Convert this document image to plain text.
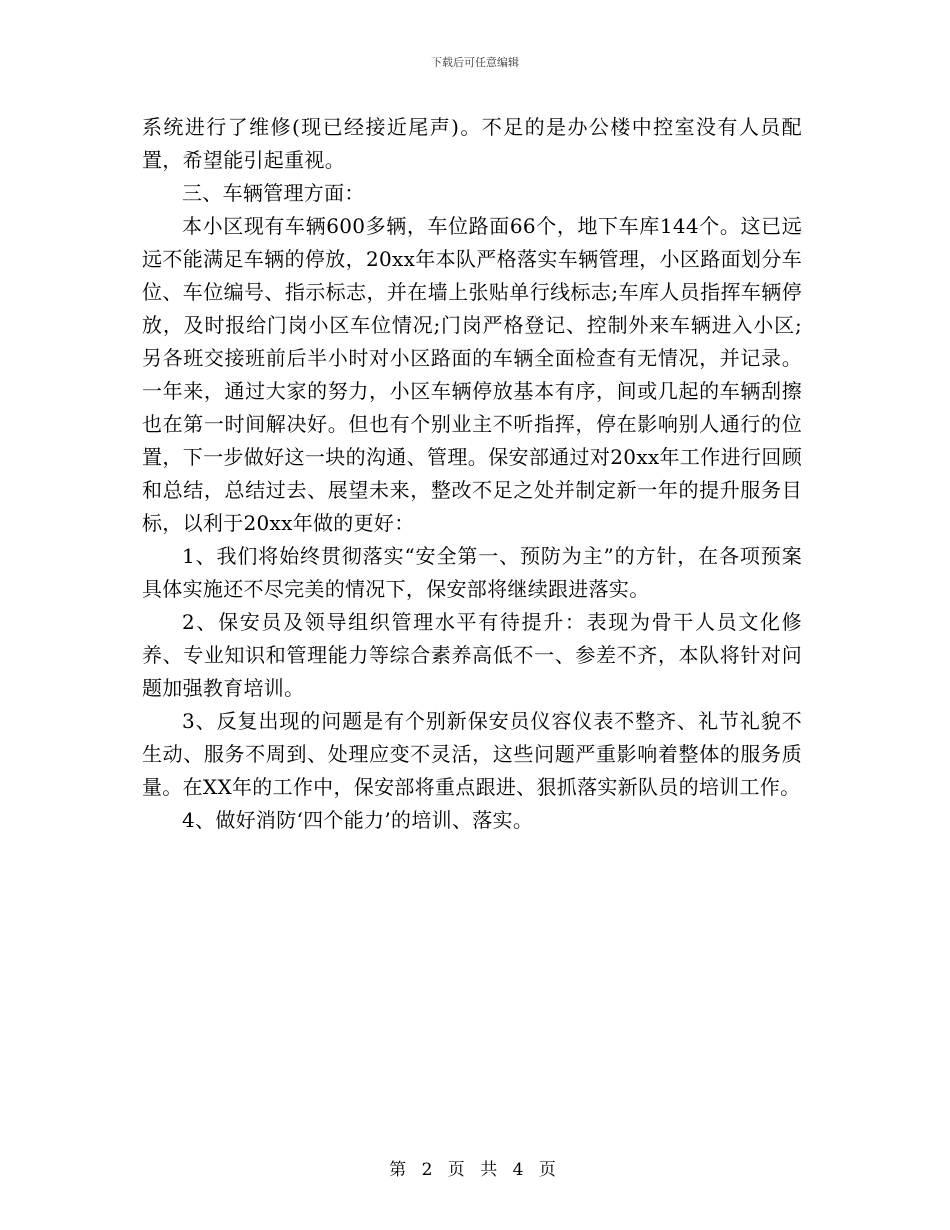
下载后可任意编辑

系统进行了维修(现已经接近尾声)。不足的是办公楼中控室没有人员配置，希望能引起重视。

三、车辆管理方面：

本小区现有车辆600多辆，车位路面66个，地下车库144个。这已远远不能满足车辆的停放，20xx年本队严格落实车辆管理，小区路面划分车位、车位编号、指示标志，并在墙上张贴单行线标志;车库人员指挥车辆停放，及时报给门岗小区车位情况;门岗严格登记、控制外来车辆进入小区;另各班交接班前后半小时对小区路面的车辆全面检查有无情况，并记录。一年来，通过大家的努力，小区车辆停放基本有序，间或几起的车辆刮擦也在第一时间解决好。但也有个别业主不听指挥，停在影响别人通行的位置，下一步做好这一块的沟通、管理。保安部通过对20xx年工作进行回顾和总结，总结过去、展望未来，整改不足之处并制定新一年的提升服务目标，以利于20xx年做的更好：

1、我们将始终贯彻落实“安全第一、预防为主”的方针，在各项预案具体实施还不尽完美的情况下，保安部将继续跟进落实。

2、保安员及领导组织管理水平有待提升：表现为骨干人员文化修养、专业知识和管理能力等综合素养高低不一、参差不齐，本队将针对问题加强教育培训。

3、反复出现的问题是有个别新保安员仪容仪表不整齐、礼节礼貌不生动、服务不周到、处理应变不灵活，这些问题严重影响着整体的服务质量。在XX年的工作中，保安部将重点跟进、狠抓落实新队员的培训工作。

4、做好消防‘四个能力’的培训、落实。

第 2 页 共 4 页
